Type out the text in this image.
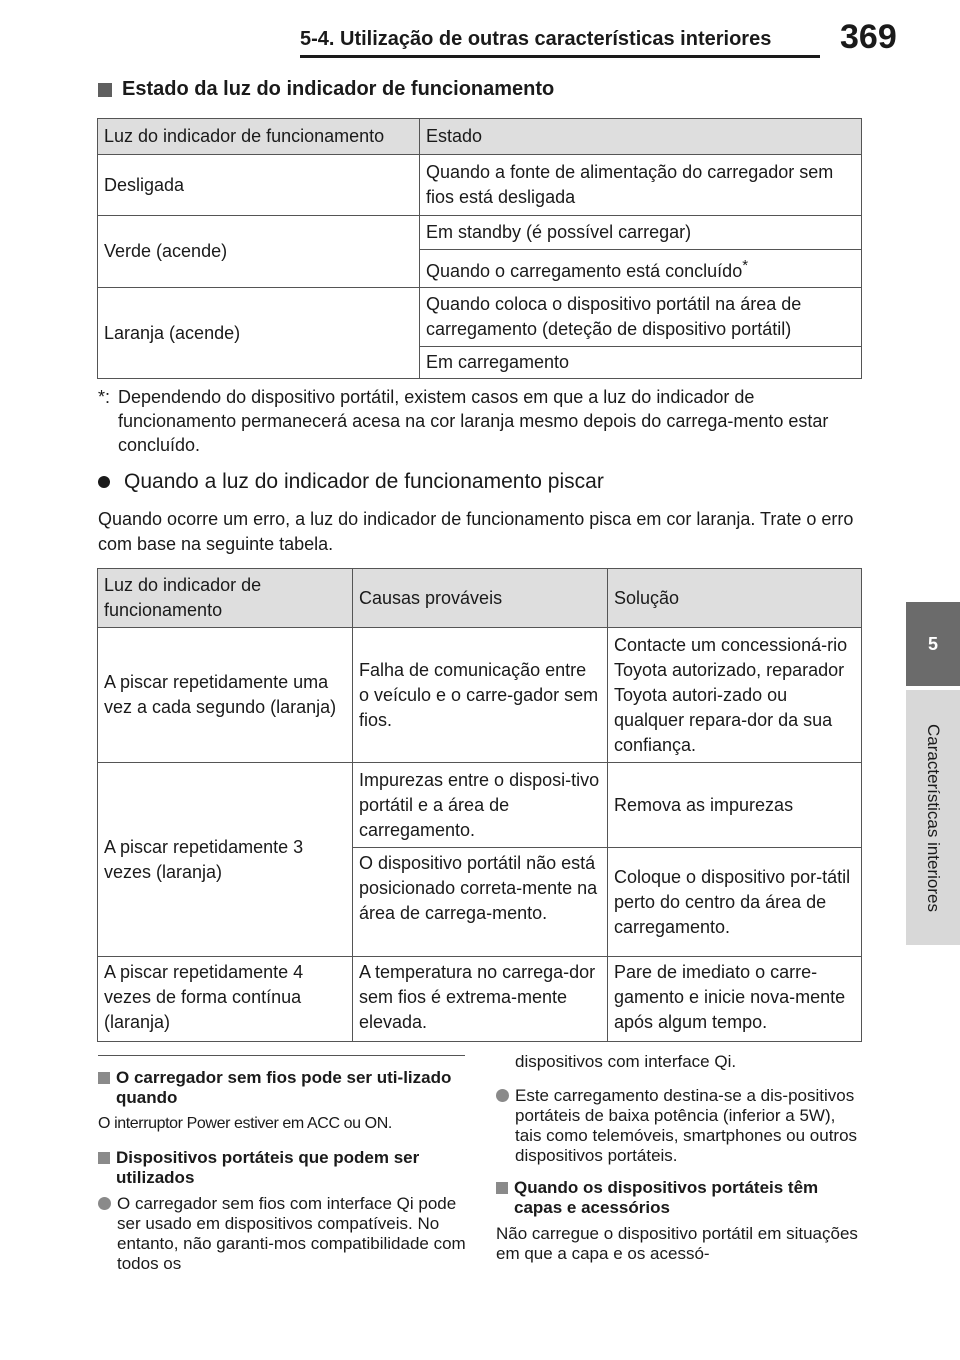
5-4. Utilização de outras características interiores	369
5
Características interiores
Estado da luz do indicador de funcionamento
Luz do indicador de funcionamento	Estado
Desligada	Quando a fonte de alimentação do carregador sem fios está desligada
Verde (acende)	Em standby (é possível carregar)
	Quando o carregamento está concluído*
Laranja (acende)	Quando coloca o dispositivo portátil na área de carregamento (deteção de dispositivo portátil)
	Em carregamento
*: Dependendo do dispositivo portátil, existem casos em que a luz do indicador de funcionamento permanecerá acesa na cor laranja mesmo depois do carrega-mento estar concluído.
Quando a luz do indicador de funcionamento piscar
Quando ocorre um erro, a luz do indicador de funcionamento pisca em cor laranja. Trate o erro com base na seguinte tabela.
Luz do indicador de funcionamento	Causas prováveis	Solução
A piscar repetidamente uma vez a cada segundo (laranja)	Falha de comunicação entre o veículo e o carre-gador sem fios.	Contacte um concessioná-rio Toyota autorizado, reparador Toyota autori-zado ou qualquer repara-dor da sua confiança.
A piscar repetidamente 3 vezes (laranja)	Impurezas entre o disposi-tivo portátil e a área de carregamento.	Remova as impurezas
	O dispositivo portátil não está posicionado correta-mente na área de carrega-mento.	Coloque o dispositivo por-tátil perto do centro da área de carregamento.
A piscar repetidamente 4 vezes de forma contínua (laranja)	A temperatura no carrega-dor sem fios é extrema-mente elevada.	Pare de imediato o carre-gamento e inicie nova-mente após algum tempo.
O carregador sem fios pode ser uti-lizado quando

O interruptor Power estiver em ACC ou ON.

Dispositivos portáteis que podem ser utilizados
O carregador sem fios com interface Qi pode ser usado em dispositivos compatíveis. No entanto, não garanti-mos compatibilidade com todos os

dispositivos com interface Qi.

Este carregamento destina-se a dis-positivos portáteis de baixa potência (inferior a 5W), tais como telemóveis, smartphones ou outros dispositivos portáteis.
Quando os dispositivos portáteis têm capas e acessórios

Não carregue o dispositivo portátil em situações em que a capa e os acessó-
